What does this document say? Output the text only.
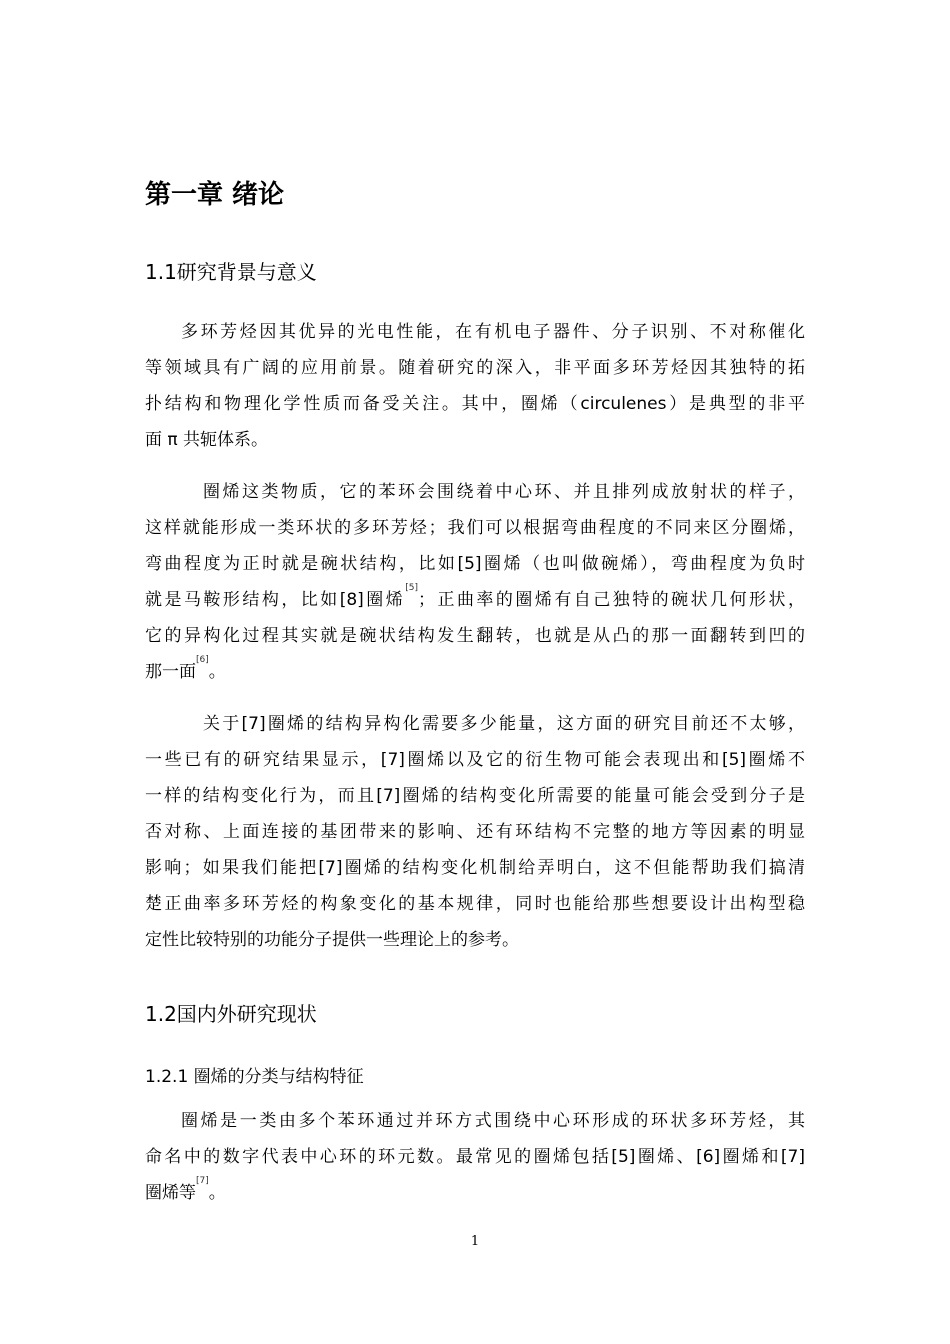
第一章 绪论
1.1研究背景与意义
多环芳烃因其优异的光电性能，在有机电子器件、分子识别、不对称催化
等领域具有广阔的应用前景。随着研究的深入，非平面多环芳烃因其独特的拓
扑结构和物理化学性质而备受关注。其中，圈烯（circulenes）是典型的非平
面 π 共轭体系。
圈烯这类物质，它的苯环会围绕着中心环、并且排列成放射状的样子，
这样就能形成一类环状的多环芳烃；我们可以根据弯曲程度的不同来区分圈烯，
弯曲程度为正时就是碗状结构，比如[5]圈烯（也叫做碗烯），弯曲程度为负时
就是马鞍形结构，比如[8]圈烯[5]；正曲率的圈烯有自己独特的碗状几何形状，
它的异构化过程其实就是碗状结构发生翻转，也就是从凸的那一面翻转到凹的
那一面[6]。
关于[7]圈烯的结构异构化需要多少能量，这方面的研究目前还不太够，
一些已有的研究结果显示，[7]圈烯以及它的衍生物可能会表现出和[5]圈烯不
一样的结构变化行为，而且[7]圈烯的结构变化所需要的能量可能会受到分子是
否对称、上面连接的基团带来的影响、还有环结构不完整的地方等因素的明显
影响；如果我们能把[7]圈烯的结构变化机制给弄明白，这不但能帮助我们搞清
楚正曲率多环芳烃的构象变化的基本规律，同时也能给那些想要设计出构型稳
定性比较特别的功能分子提供一些理论上的参考。
1.2国内外研究现状
1.2.1 圈烯的分类与结构特征
圈烯是一类由多个苯环通过并环方式围绕中心环形成的环状多环芳烃，其
命名中的数字代表中心环的环元数。最常见的圈烯包括[5]圈烯、[6]圈烯和[7]
圈烯等[7]。
1
